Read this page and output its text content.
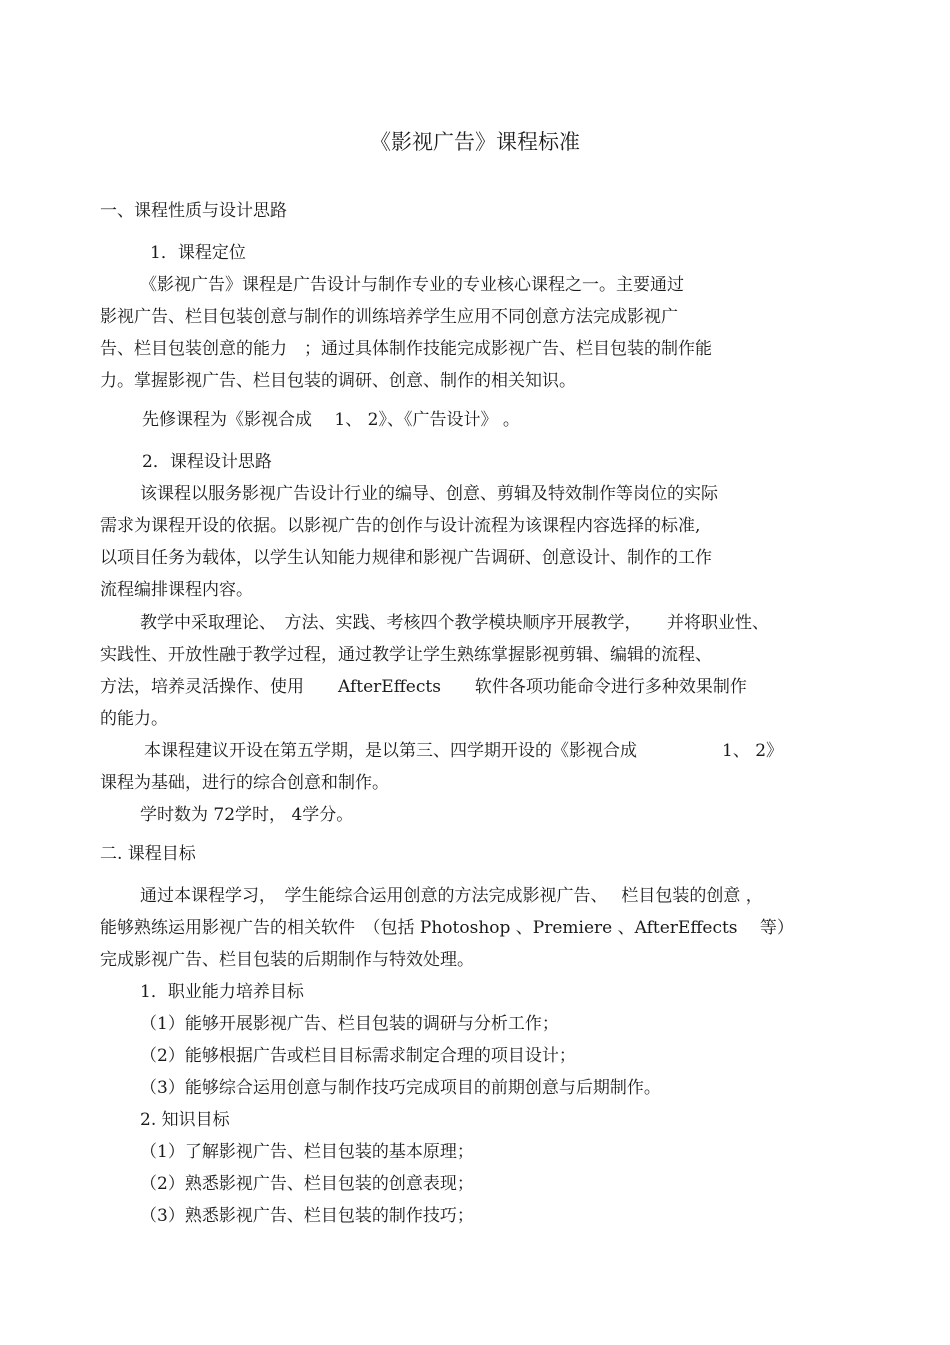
《影视广告》课程标准
一、课程性质与设计思路
1．课程定位
《影视广告》课程是广告设计与制作专业的专业核心课程之一。主要通过
影视广告、栏目包装创意与制作的训练培养学生应用不同创意方法完成影视广
告、栏目包装创意的能力　；通过具体制作技能完成影视广告、栏目包装的制作能
力。掌握影视广告、栏目包装的调研、创意、制作的相关知识。
先修课程为《影视合成　 1、 2》、《广告设计》 。
2．课程设计思路
该课程以服务影视广告设计行业的编导、创意、剪辑及特效制作等岗位的实际
需求为课程开设的依据。以影视广告的创作与设计流程为该课程内容选择的标准,
以项目任务为载体，以学生认知能力规律和影视广告调研、创意设计、制作的工作
流程编排课程内容。
教学中采取理论、　方法、实践、考核四个教学模块顺序开展教学，　　并将职业性、
实践性、开放性融于教学过程，通过教学让学生熟练掌握影视剪辑、编辑的流程、
方法，培养灵活操作、使用　　AfterEffects　　软件各项功能命令进行多种效果制作
的能力。
本课程建议开设在第五学期，是以第三、四学期开设的《影视合成　　　　　1、 2》
课程为基础，进行的综合创意和制作。
学时数为 72学时， 4学分。
二. 课程目标
通过本课程学习，　学生能综合运用创意的方法完成影视广告、　 栏目包装的创意 ，
能够熟练运用影视广告的相关软件　（包括 Photoshop 、Premiere 、AfterEffects 　等）
完成影视广告、栏目包装的后期制作与特效处理。
1．职业能力培养目标
（1）能够开展影视广告、栏目包装的调研与分析工作；
（2）能够根据广告或栏目目标需求制定合理的项目设计；
（3）能够综合运用创意与制作技巧完成项目的前期创意与后期制作。
2. 知识目标
（1）了解影视广告、栏目包装的基本原理；
（2）熟悉影视广告、栏目包装的创意表现；
（3）熟悉影视广告、栏目包装的制作技巧；
